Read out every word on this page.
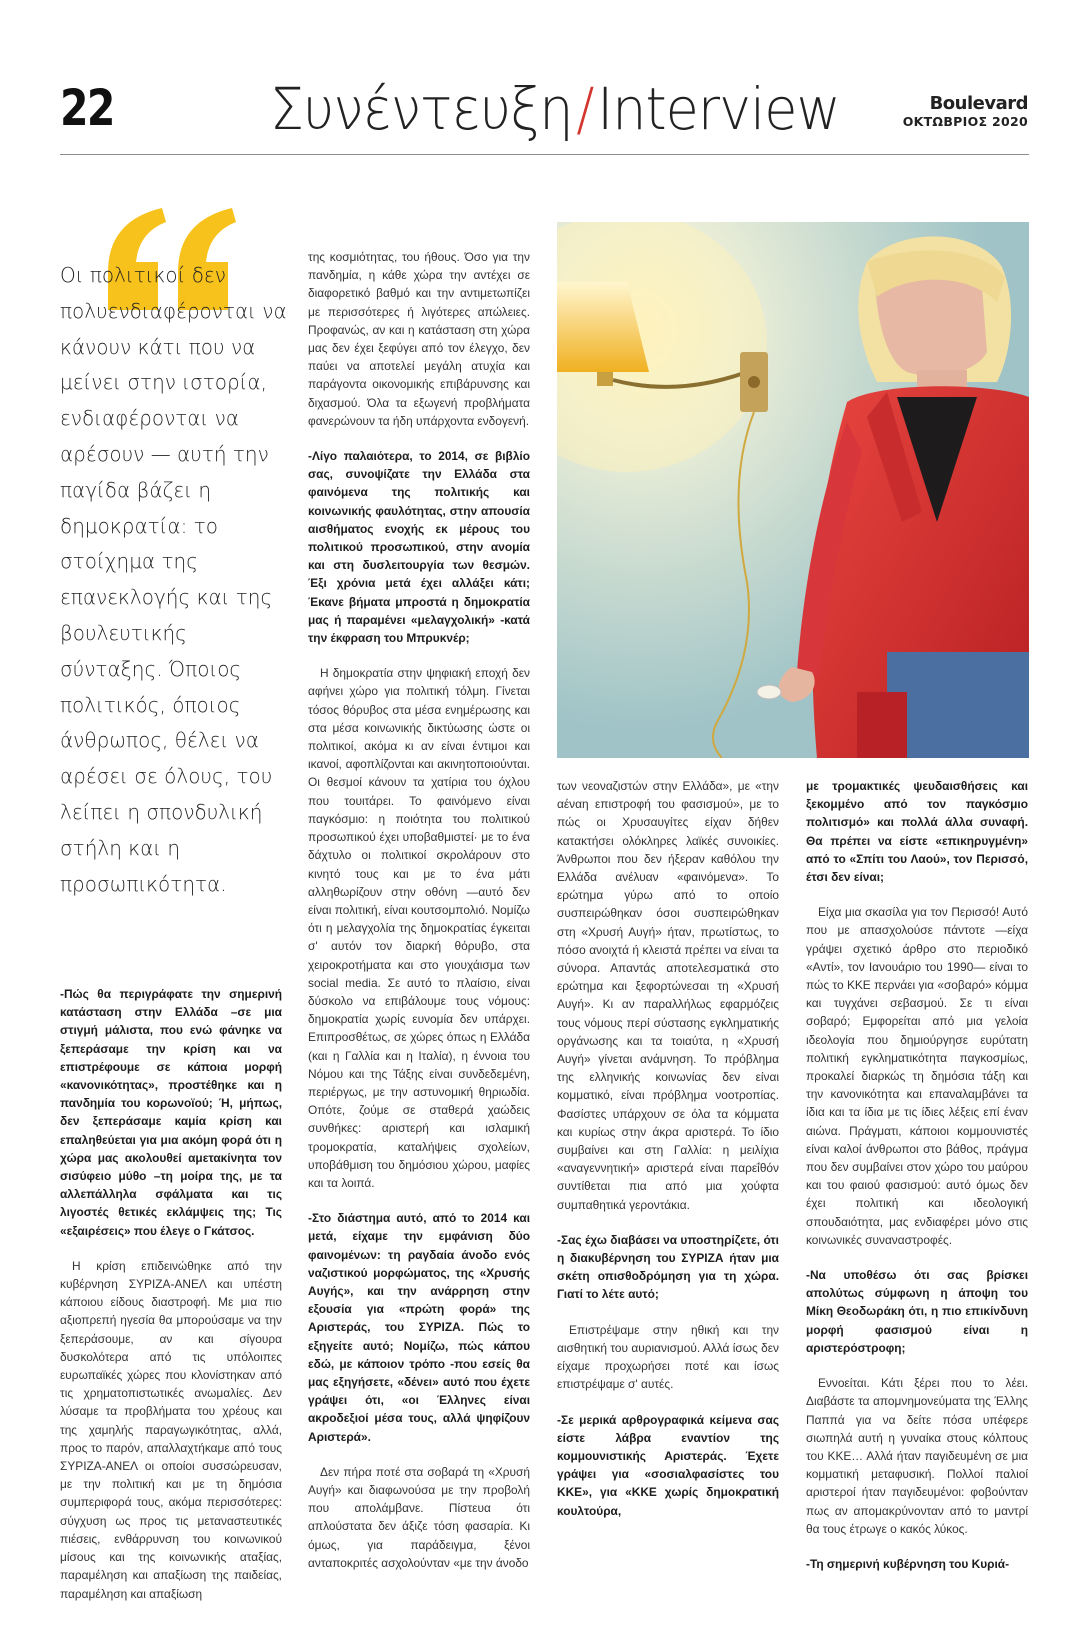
22	Συνέντευξη/Interview	Boulevard
ΟΚΤΩΒΡΙΟΣ 2020
Οι πολιτικοί δεν πολυενδιαφέρονται να κάνουν κάτι που να μείνει στην ιστορία, ενδιαφέρονται να αρέσουν — αυτή την παγίδα βάζει η δημοκρατία: το στοίχημα της επανεκλογής και της βουλευτικής σύνταξης. Όποιος πολιτικός, όποιος άνθρωπος, θέλει να αρέσει σε όλους, του λείπει η σπονδυλική στήλη και η προσωπικότητα.

-Πώς θα περιγράφατε την σημερινή κατάσταση στην Ελλάδα –σε μια στιγμή μάλιστα, που ενώ φάνηκε να ξεπεράσαμε την κρίση και να επιστρέφουμε σε κάποια μορφή «κανονικότητας», προστέθηκε και η πανδημία του κορωνοϊού; Ή, μήπως, δεν ξεπεράσαμε καμία κρίση και επαληθεύεται για μια ακόμη φορά ότι η χώρα μας ακολουθεί αμετακίνητα τον σισύφειο μύθο –τη μοίρα της, με τα αλλεπάλληλα σφάλματα και τις λιγοστές θετικές εκλάμψεις της; Τις «εξαιρέσεις» που έλεγε ο Γκάτσος.

Η κρίση επιδεινώθηκε από την κυβέρνηση ΣΥΡΙΖΑ-ΑΝΕΛ και υπέστη κάποιου είδους διαστροφή. Με μια πιο αξιοπρεπή ηγεσία θα μπορούσαμε να την ξεπεράσουμε, αν και σίγουρα δυσκολότερα από τις υπόλοιπες ευρωπαϊκές χώρες που κλονίστηκαν από τις χρηματοπιστωτικές ανωμαλίες. Δεν λύσαμε τα προβλήματα του χρέους και της χαμηλής παραγωγικότητας, αλλά, προς το παρόν, απαλλαχτήκαμε από τους ΣΥΡΙΖΑ-ΑΝΕΛ οι οποίοι συσσώρευσαν, με την πολιτική και με τη δημόσια συμπεριφορά τους, ακόμα περισσότερες: σύγχυση ως προς τις μεταναστευτικές πιέσεις, ενθάρρυνση του κοινωνικού μίσους και της κοινωνικής αταξίας, παραμέληση και απαξίωση της παιδείας, παραμέληση και απαξίωση

της κοσμιότητας, του ήθους. Όσο για την πανδημία, η κάθε χώρα την αντέχει σε διαφορετικό βαθμό και την αντιμετωπίζει με περισσότερες ή λιγότερες απώλειες. Προφανώς, αν και η κατάσταση στη χώρα μας δεν έχει ξεφύγει από τον έλεγχο, δεν παύει να αποτελεί μεγάλη ατυχία και παράγοντα οικονομικής επιβάρυνσης και διχασμού. Όλα τα εξωγενή προβλήματα φανερώνουν τα ήδη υπάρχοντα ενδογενή.

-Λίγο παλαιότερα, το 2014, σε βιβλίο σας, συνοψίζατε την Ελλάδα στα φαινόμενα της πολιτικής και κοινωνικής φαυλότητας, στην απουσία αισθήματος ενοχής εκ μέρους του πολιτικού προσωπικού, στην ανομία και στη δυσλειτουργία των θεσμών. Έξι χρόνια μετά έχει αλλάξει κάτι; Έκανε βήματα μπροστά η δημοκρατία μας ή παραμένει «μελαγχολική» -κατά την έκφραση του Μπρυκνέρ;

Η δημοκρατία στην ψηφιακή εποχή δεν αφήνει χώρο για πολιτική τόλμη. Γίνεται τόσος θόρυβος στα μέσα ενημέρωσης και στα μέσα κοινωνικής δικτύωσης ώστε οι πολιτικοί, ακόμα κι αν είναι έντιμοι και ικανοί, αφοπλίζονται και ακινητοποιούνται. Οι θεσμοί κάνουν τα χατίρια του όχλου που τουιτάρει. Το φαινόμενο είναι παγκόσμιο: η ποιότητα του πολιτικού προσωπικού έχει υποβαθμιστεί· με το ένα δάχτυλο οι πολιτικοί σκρολάρουν στο κινητό τους και με το ένα μάτι αλληθωρίζουν στην οθόνη —αυτό δεν είναι πολιτική, είναι κουτσομπολιό. Νομίζω ότι η μελαγχολία της δημοκρατίας έγκειται σ' αυτόν τον διαρκή θόρυβο, στα χειροκροτήματα και στο γιουχάισμα των social media. Σε αυτό το πλαίσιο, είναι δύσκολο να επιβάλουμε τους νόμους: δημοκρατία χωρίς ευνομία δεν υπάρχει. Επιπροσθέτως, σε χώρες όπως η Ελλάδα (και η Γαλλία και η Ιταλία), η έννοια του Νόμου και της Τάξης είναι συνδεδεμένη, περιέργως, με την αστυνομική θηριωδία. Οπότε, ζούμε σε σταθερά χαώδεις συνθήκες: αριστερή και ισλαμική τρομοκρατία, καταλήψεις σχολείων, υποβάθμιση του δημόσιου χώρου, μαφίες και τα λοιπά.

-Στο διάστημα αυτό, από το 2014 και μετά, είχαμε την εμφάνιση δύο φαινομένων: τη ραγδαία άνοδο ενός ναζιστικού μορφώματος, της «Χρυσής Αυγής», και την ανάρρηση στην εξουσία για «πρώτη φορά» της Αριστεράς, του ΣΥΡΙΖΑ. Πώς το εξηγείτε αυτό; Νομίζω, πώς κάπου εδώ, με κάποιον τρόπο -που εσείς θα μας εξηγήσετε, «δένει» αυτό που έχετε γράψει ότι, «οι Έλληνες είναι ακροδεξιοί μέσα τους, αλλά ψηφίζουν Αριστερά».

Δεν πήρα ποτέ στα σοβαρά τη «Χρυσή Αυγή» και διαφωνούσα με την προβολή που απολάμβανε. Πίστευα ότι απλούστατα δεν άξιζε τόση φασαρία. Κι όμως, για παράδειγμα, ξένοι ανταποκριτές ασχολούνταν «με την άνοδο

των νεοναζιστών στην Ελλάδα», με «την αέναη επιστροφή του φασισμού», με το πώς οι Χρυσαυγίτες είχαν δήθεν κατακτήσει ολόκληρες λαϊκές συνοικίες. Άνθρωποι που δεν ήξεραν καθόλου την Ελλάδα ανέλυαν «φαινόμενα». Το ερώτημα γύρω από το οποίο συσπειρώθηκαν όσοι συσπειρώθηκαν στη «Χρυσή Αυγή» ήταν, πρωτίστως, το πόσο ανοιχτά ή κλειστά πρέπει να είναι τα σύνορα. Απαντάς αποτελεσματικά στο ερώτημα και ξεφορτώνεσαι τη «Χρυσή Αυγή». Κι αν παραλλήλως εφαρμόζεις τους νόμους περί σύστασης εγκληματικής οργάνωσης και τα τοιαύτα, η «Χρυσή Αυγή» γίνεται ανάμνηση. Το πρόβλημα της ελληνικής κοινωνίας δεν είναι κομματικό, είναι πρόβλημα νοοτροπίας. Φασίστες υπάρχουν σε όλα τα κόμματα και κυρίως στην άκρα αριστερά. Το ίδιο συμβαίνει και στη Γαλλία: η μειλίχια «αναγεννητική» αριστερά είναι παρεΐθόν συντίθεται πια από μια χούφτα συμπαθητικά γεροντάκια.

-Σας έχω διαβάσει να υποστηρίζετε, ότι η διακυβέρνηση του ΣΥΡΙΖΑ ήταν μια σκέτη οπισθοδρόμηση για τη χώρα. Γιατί το λέτε αυτό;

Επιστρέψαμε στην ηθική και την αισθητική του αυριανισμού. Αλλά ίσως δεν είχαμε προχωρήσει ποτέ και ίσως επιστρέψαμε σ' αυτές.

-Σε μερικά αρθρογραφικά κείμενα σας είστε λάβρα εναντίον της κομμουνιστικής Αριστεράς. Έχετε γράψει για «σοσιαλφασίστες του ΚΚΕ», για «ΚΚΕ χωρίς δημοκρατική κουλτούρα,

με τρομακτικές ψευδαισθήσεις και ξεκομμένο από τον παγκόσμιο πολιτισμό» και πολλά άλλα συναφή. Θα πρέπει να είστε «επικηρυγμένη» από το «Σπίτι του Λαού», τον Περισσό, έτσι δεν είναι;

Είχα μια σκασίλα για τον Περισσό! Αυτό που με απασχολούσε πάντοτε —είχα γράψει σχετικό άρθρο στο περιοδικό «Αντί», τον Ιανουάριο του 1990— είναι το πώς το ΚΚΕ περνάει για «σοβαρό» κόμμα και τυγχάνει σεβασμού. Σε τι είναι σοβαρό; Εμφορείται από μια γελοία ιδεολογία που δημιούργησε ευρύτατη πολιτική εγκληματικότητα παγκοσμίως, προκαλεί διαρκώς τη δημόσια τάξη και την κανονικότητα και επαναλαμβάνει τα ίδια και τα ίδια με τις ίδιες λέξεις επί έναν αιώνα. Πράγματι, κάποιοι κομμουνιστές είναι καλοί άνθρωποι στο βάθος, πράγμα που δεν συμβαίνει στον χώρο του μαύρου και του φαιού φασισμού: αυτό όμως δεν έχει πολιτική και ιδεολογική σπουδαιότητα, μας ενδιαφέρει μόνο στις κοινωνικές συναναστροφές.

-Να υποθέσω ότι σας βρίσκει απολύτως σύμφωνη η άποψη του Μίκη Θεοδωράκη ότι, η πιο επικίνδυνη μορφή φασισμού είναι η αριστερόστροφη;

Εννοείται. Κάτι ξέρει που το λέει. Διαβάστε τα απομνημονεύματα της Έλλης Παππά για να δείτε πόσα υπέφερε σιωπηλά αυτή η γυναίκα στους κόλπους του ΚΚΕ… Αλλά ήταν παγιδευμένη σε μια κομματική μεταφυσική. Πολλοί παλιοί αριστεροί ήταν παγιδευμένοι: φοβούνταν πως αν απομακρύνονταν από το μαντρί θα τους έτρωγε ο κακός λύκος.

-Τη σημερινή κυβέρνηση του Κυριά-
